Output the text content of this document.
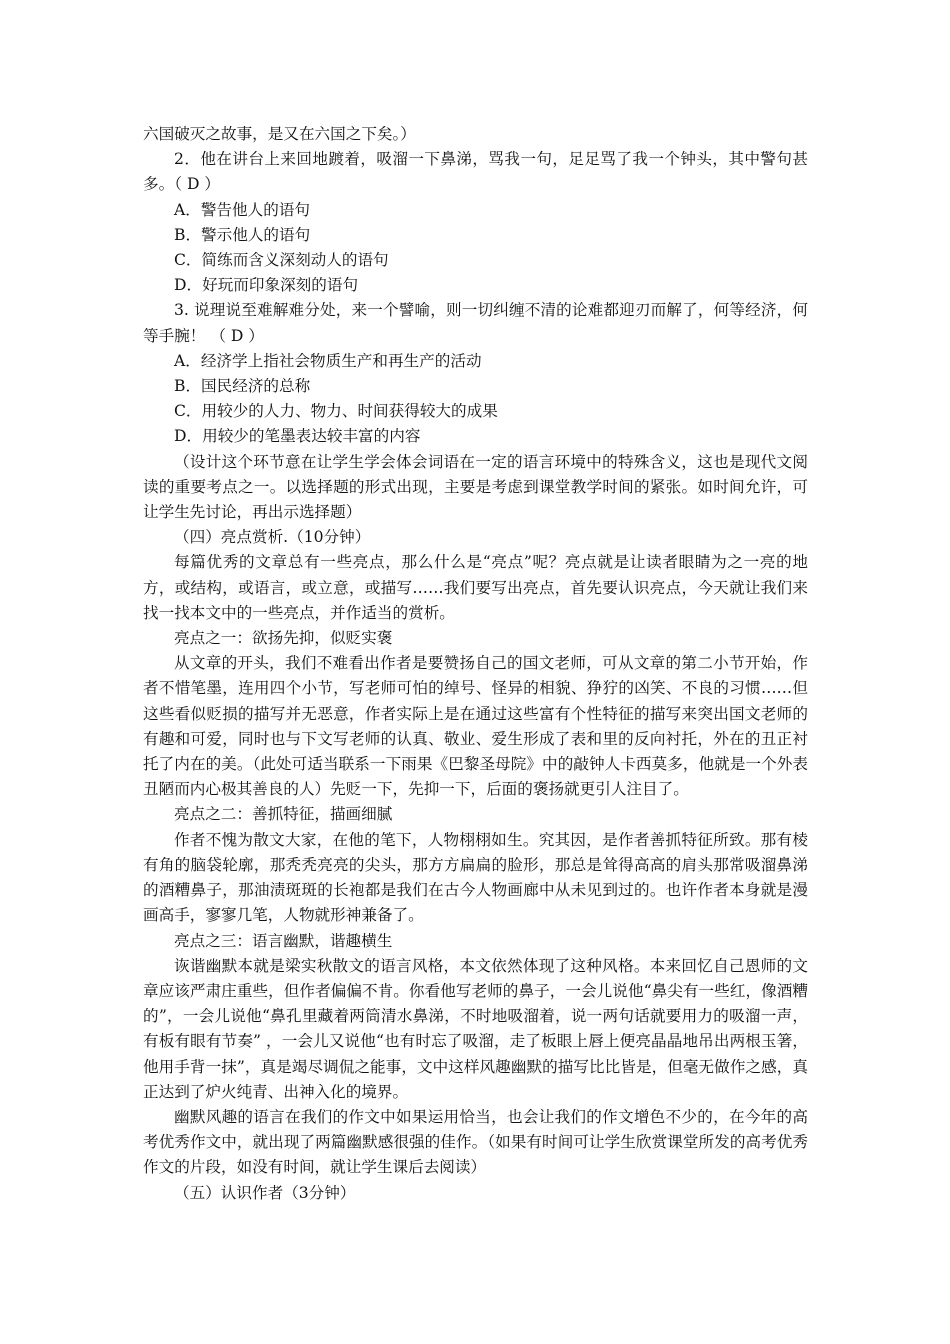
六国破灭之故事，是又在六国之下矣。）

2．他在讲台上来回地踱着，吸溜一下鼻涕，骂我一句，足足骂了我一个钟头，其中警句甚多。（ D ）

A．警告他人的语句

B．警示他人的语句

C．简练而含义深刻动人的语句

D．好玩而印象深刻的语句

3. 说理说至难解难分处，来一个譬喻，则一切纠缠不清的论难都迎刃而解了，何等经济，何等手腕！ （ D ）

A．经济学上指社会物质生产和再生产的活动

B．国民经济的总称

C．用较少的人力、物力、时间获得较大的成果

D．用较少的笔墨表达较丰富的内容

（设计这个环节意在让学生学会体会词语在一定的语言环境中的特殊含义，这也是现代文阅读的重要考点之一。以选择题的形式出现，主要是考虑到课堂教学时间的紧张。如时间允许，可让学生先讨论，再出示选择题）

（四）亮点赏析.（10分钟）

每篇优秀的文章总有一些亮点，那么什么是“亮点”呢？亮点就是让读者眼睛为之一亮的地方，或结构，或语言，或立意，或描写……我们要写出亮点，首先要认识亮点，今天就让我们来找一找本文中的一些亮点，并作适当的赏析。

亮点之一：欲扬先抑，似贬实褒

从文章的开头，我们不难看出作者是要赞扬自己的国文老师，可从文章的第二小节开始，作者不惜笔墨，连用四个小节，写老师可怕的绰号、怪异的相貌、狰狞的凶笑、不良的习惯……但这些看似贬损的描写并无恶意，作者实际上是在通过这些富有个性特征的描写来突出国文老师的有趣和可爱，同时也与下文写老师的认真、敬业、爱生形成了表和里的反向衬托，外在的丑正衬托了内在的美。（此处可适当联系一下雨果《巴黎圣母院》中的敲钟人卡西莫多，他就是一个外表丑陋而内心极其善良的人）先贬一下，先抑一下，后面的褒扬就更引人注目了。

亮点之二：善抓特征，描画细腻

作者不愧为散文大家，在他的笔下，人物栩栩如生。究其因，是作者善抓特征所致。那有棱有角的脑袋轮廓，那秃秃亮亮的尖头，那方方扁扁的脸形，那总是耸得高高的肩头那常吸溜鼻涕的酒糟鼻子，那油渍斑斑的长袍都是我们在古今人物画廊中从未见到过的。也许作者本身就是漫画高手，寥寥几笔，人物就形神兼备了。

亮点之三：语言幽默，谐趣横生

诙谐幽默本就是梁实秋散文的语言风格，本文依然体现了这种风格。本来回忆自己恩师的文章应该严肃庄重些，但作者偏偏不肯。你看他写老师的鼻子，一会儿说他“鼻尖有一些红，像酒糟的”，一会儿说他“鼻孔里藏着两筒清水鼻涕，不时地吸溜着，说一两句话就要用力的吸溜一声，有板有眼有节奏” ，一会儿又说他“也有时忘了吸溜，走了板眼上唇上便亮晶晶地吊出两根玉箸，他用手背一抹”，真是竭尽调侃之能事，文中这样风趣幽默的描写比比皆是，但毫无做作之感，真正达到了炉火纯青、出神入化的境界。

幽默风趣的语言在我们的作文中如果运用恰当，也会让我们的作文增色不少的，在今年的高考优秀作文中，就出现了两篇幽默感很强的佳作。（如果有时间可让学生欣赏课堂所发的高考优秀作文的片段，如没有时间，就让学生课后去阅读）

（五）认识作者（3分钟）
